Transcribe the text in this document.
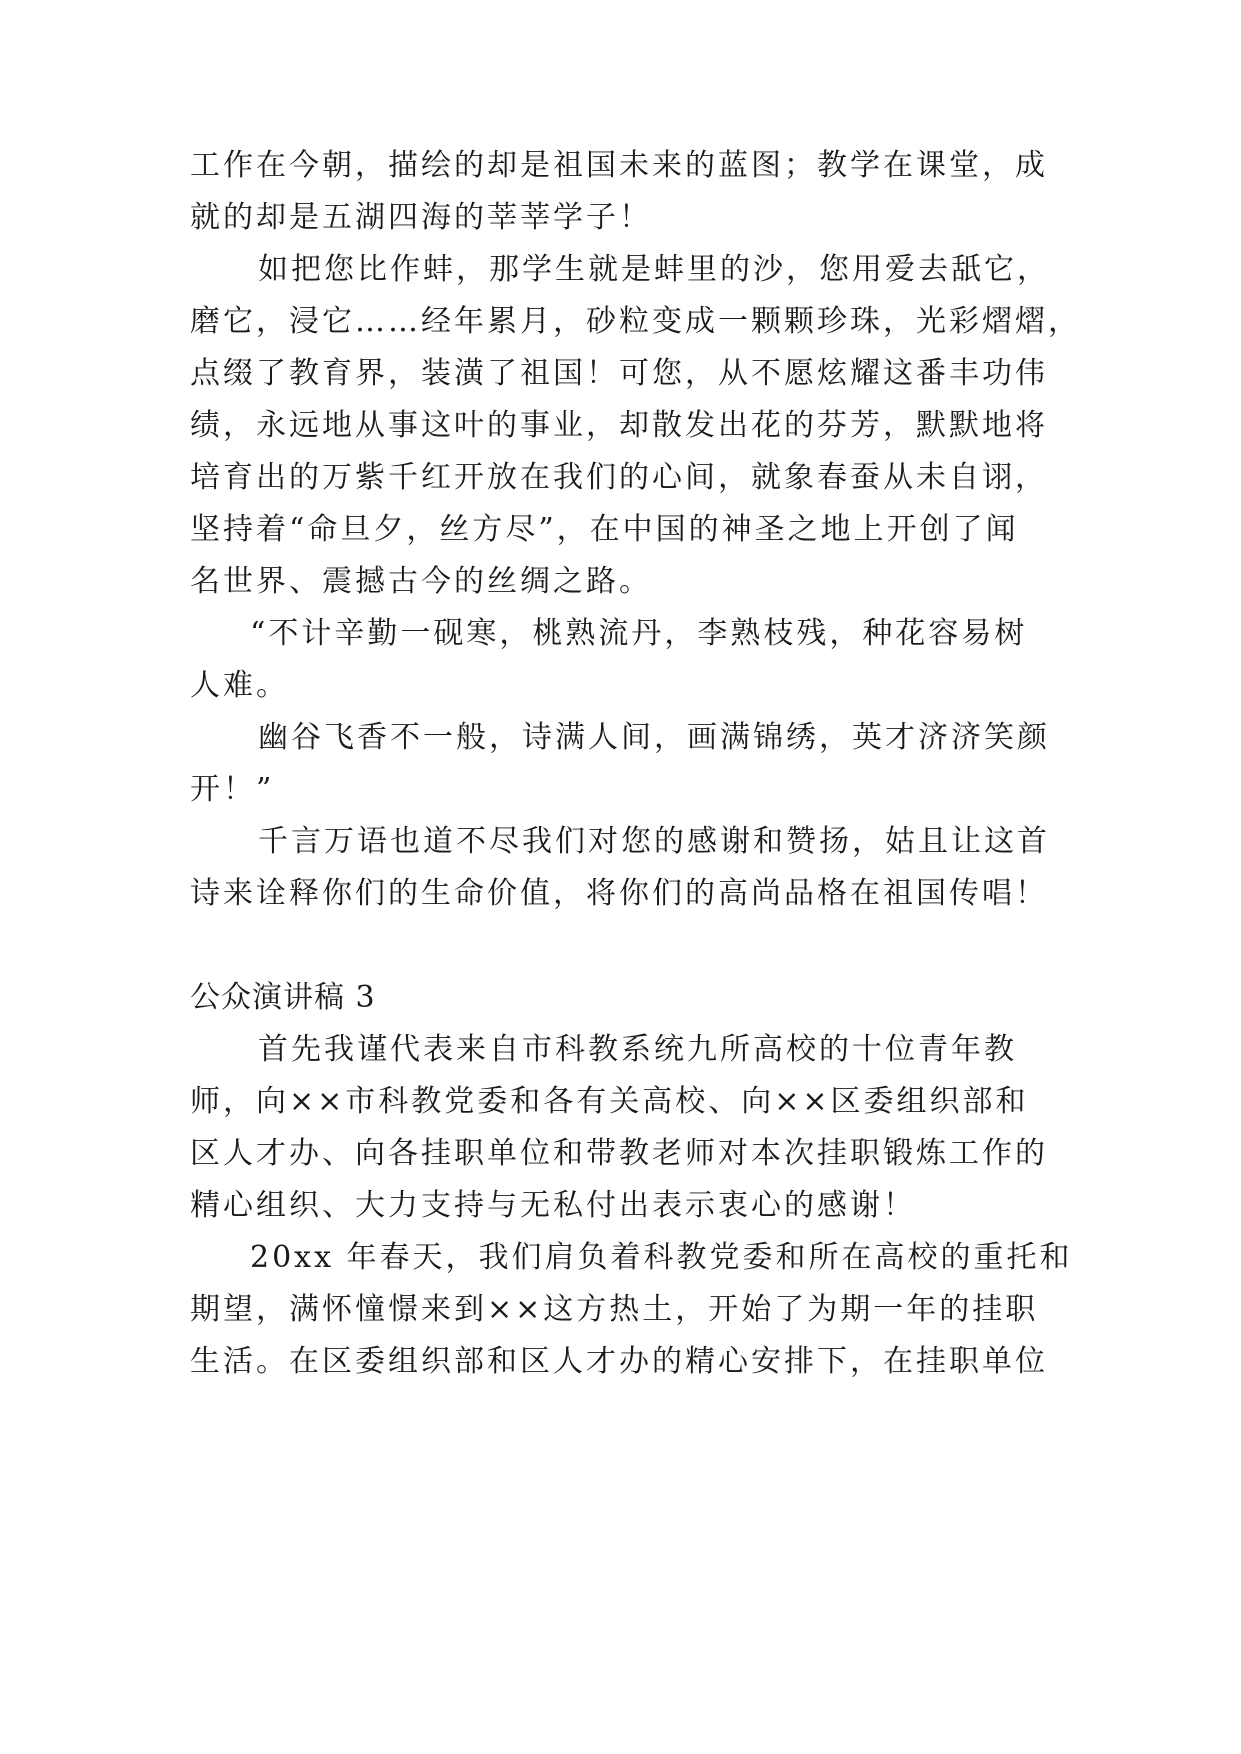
工作在今朝，描绘的却是祖国未来的蓝图；教学在课堂，成
就的却是五湖四海的莘莘学子！
如把您比作蚌，那学生就是蚌里的沙，您用爱去舐它，
磨它，浸它……经年累月，砂粒变成一颗颗珍珠，光彩熠熠，
点缀了教育界，装潢了祖国！可您，从不愿炫耀这番丰功伟
绩，永远地从事这叶的事业，却散发出花的芬芳，默默地将
培育出的万紫千红开放在我们的心间，就象春蚕从未自诩，
坚持着“命旦夕，丝方尽”，在中国的神圣之地上开创了闻
名世界、震撼古今的丝绸之路。
“不计辛勤一砚寒，桃熟流丹，李熟枝残，种花容易树
人难。
幽谷飞香不一般，诗满人间，画满锦绣，英才济济笑颜
开！”
千言万语也道不尽我们对您的感谢和赞扬，姑且让这首
诗来诠释你们的生命价值，将你们的高尚品格在祖国传唱！
公众演讲稿 3
首先我谨代表来自市科教系统九所高校的十位青年教
师，向××市科教党委和各有关高校、向××区委组织部和
区人才办、向各挂职单位和带教老师对本次挂职锻炼工作的
精心组织、大力支持与无私付出表示衷心的感谢！
20xx 年春天，我们肩负着科教党委和所在高校的重托和
期望，满怀憧憬来到××这方热土，开始了为期一年的挂职
生活。在区委组织部和区人才办的精心安排下，在挂职单位
